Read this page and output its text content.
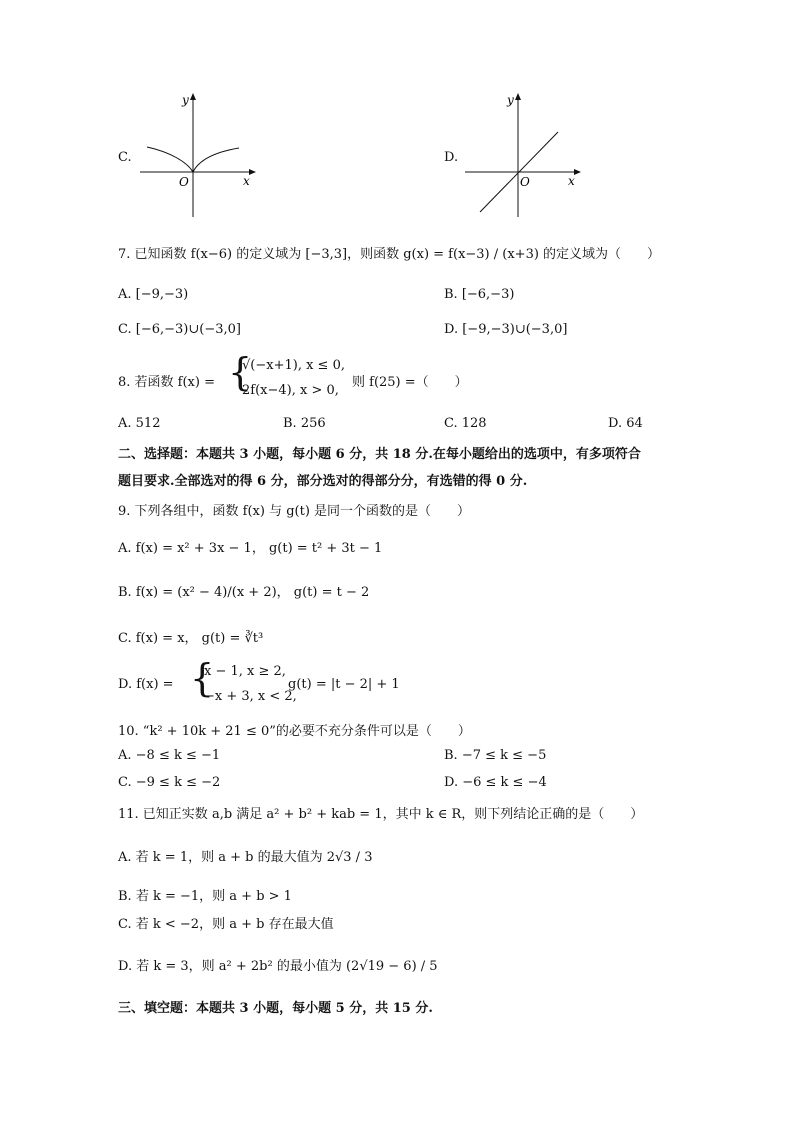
C.
y
x
O
D.
y
x
O
7. 已知函数 f(x−6) 的定义域为 [−3,3]，则函数 g(x) = f(x−3) / (x+3) 的定义域为（　　）
A. [−9,−3)	B. [−6,−3)
C. [−6,−3)∪(−3,0]	D. [−9,−3)∪(−3,0]
8. 若函数 f(x) = {
√(−x+1), x ≤ 0,
2f(x−4), x > 0,
则 f(25) =（　　）
A. 512	B. 256	C. 128	D. 64
二、选择题：本题共 3 小题，每小题 6 分，共 18 分.在每小题给出的选项中，有多项符合
题目要求.全部选对的得 6 分，部分选对的得部分分，有选错的得 0 分.
9. 下列各组中，函数 f(x) 与 g(t) 是同一个函数的是（　　）
A. f(x) = x² + 3x − 1， g(t) = t² + 3t − 1
B. f(x) = (x² − 4)/(x + 2)， g(t) = t − 2
C. f(x) = x， g(t) = ∛t³
D. f(x) = {
x − 1, x ≥ 2,
−x + 3, x < 2,
g(t) = |t − 2| + 1
10. “k² + 10k + 21 ≤ 0”的必要不充分条件可以是（　　）
A. −8 ≤ k ≤ −1	B. −7 ≤ k ≤ −5
C. −9 ≤ k ≤ −2	D. −6 ≤ k ≤ −4
11. 已知正实数 a,b 满足 a² + b² + kab = 1，其中 k ∈ R，则下列结论正确的是（　　）
A. 若 k = 1，则 a + b 的最大值为 2√3 / 3
B. 若 k = −1，则 a + b > 1
C. 若 k < −2，则 a + b 存在最大值
D. 若 k = 3，则 a² + 2b² 的最小值为 (2√19 − 6) / 5
三、填空题：本题共 3 小题，每小题 5 分，共 15 分.
